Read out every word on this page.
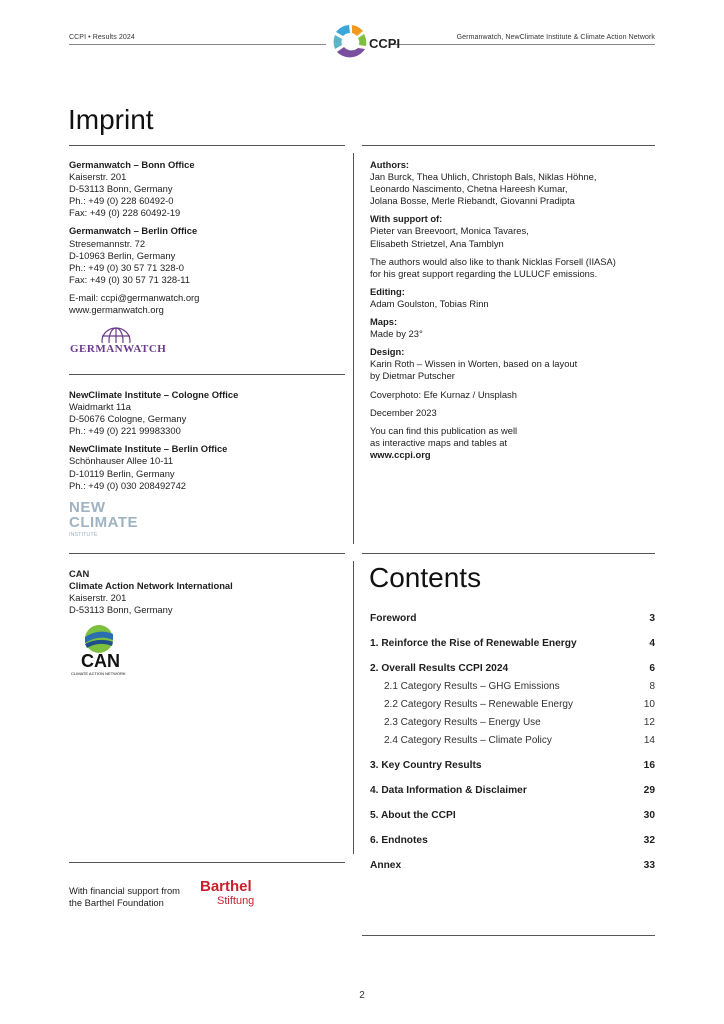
CCPI • Results 2024	Germanwatch, NewClimate Institute & Climate Action Network
CCPI
Imprint
Germanwatch – Bonn Office
Kaiserstr. 201
D-53113 Bonn, Germany
Ph.: +49 (0) 228 60492-0
Fax: +49 (0) 228 60492-19
Germanwatch – Berlin Office
Stresemannstr. 72
D-10963 Berlin, Germany
Ph.: +49 (0) 30 57 71 328-0
Fax: +49 (0) 30 57 71 328-11
E-mail: ccpi@germanwatch.org
www.germanwatch.org
GERMANWATCH
NewClimate Institute – Cologne Office
Waidmarkt 11a
D-50676 Cologne, Germany
Ph.: +49 (0) 221 99983300
NewClimate Institute – Berlin Office
Schönhauser Allee 10-11
D-10119 Berlin, Germany
Ph.: +49 (0) 030 208492742
NEW
CLIMATE
INSTITUTE
CAN
Climate Action Network International
Kaiserstr. 201
D-53113 Bonn, Germany
CAN
CLIMATE ACTION NETWORK
With financial support from
the Barthel Foundation
Barthel
Stiftung
Authors:
Jan Burck, Thea Uhlich, Christoph Bals, Niklas Höhne,
Leonardo Nascimento, Chetna Hareesh Kumar,
Jolana Bosse, Merle Riebandt, Giovanni Pradipta
With support of:
Pieter van Breevoort, Monica Tavares,
Elisabeth Strietzel, Ana Tamblyn
The authors would also like to thank Nicklas Forsell (IIASA)
for his great support regarding the LULUCF emissions.
Editing:
Adam Goulston, Tobias Rinn
Maps:
Made by 23°
Design:
Karin Roth – Wissen in Worten, based on a layout
by Dietmar Putscher
Coverphoto: Efe Kurnaz / Unsplash
December 2023
You can find this publication as well
as interactive maps and tables at
www.ccpi.org
Contents
Foreword	3
1. Reinforce the Rise of Renewable Energy	4
2. Overall Results CCPI 2024	6
2.1 Category Results – GHG Emissions	8
2.2 Category Results – Renewable Energy	10
2.3 Category Results – Energy Use	12
2.4 Category Results – Climate Policy	14
3. Key Country Results	16
4. Data Information & Disclaimer	29
5. About the CCPI	30
6. Endnotes	32
Annex	33
2
